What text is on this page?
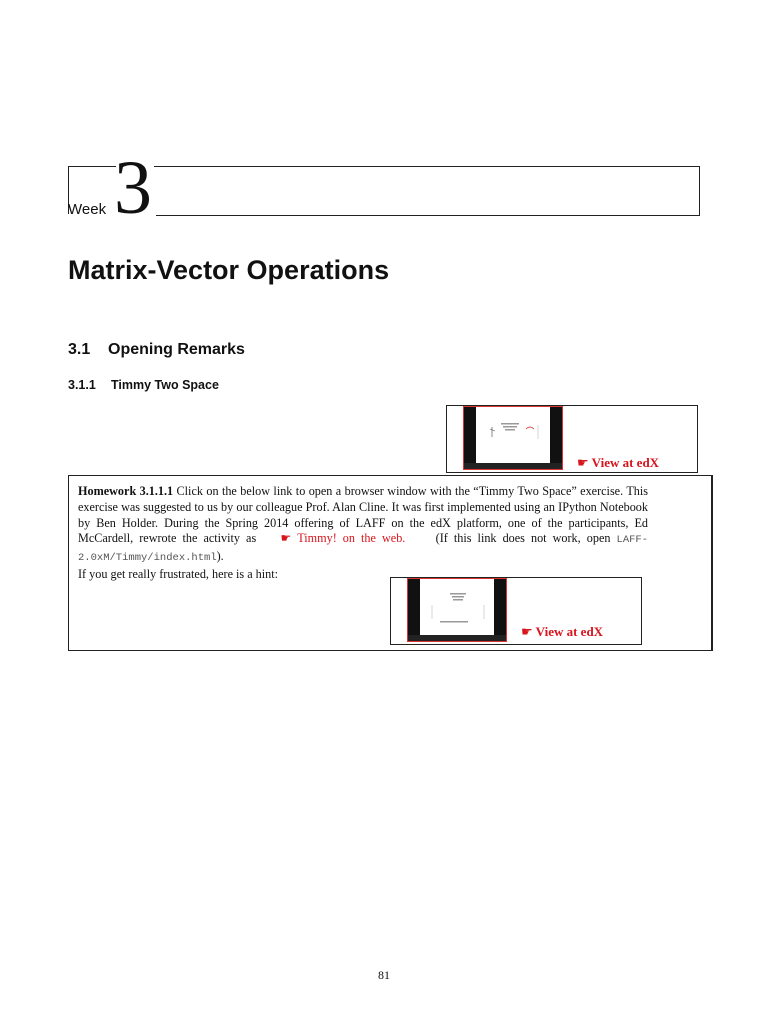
Week 3
Matrix-Vector Operations
3.1 Opening Remarks
3.1.1 Timmy Two Space
☛ View at edX
Homework 3.1.1.1 Click on the below link to open a browser window with the “Timmy Two Space” exercise. This exercise was suggested to us by our colleague Prof. Alan Cline. It was first implemented using an IPython Notebook by Ben Holder. During the Spring 2014 offering of LAFF on the edX platform, one of the participants, Ed McCardell, rewrote the activity as ☛ Timmy! on the web. (If this link does not work, open LAFF-2.0xM/Timmy/index.html).
If you get really frustrated, here is a hint:
☛ View at edX
81
